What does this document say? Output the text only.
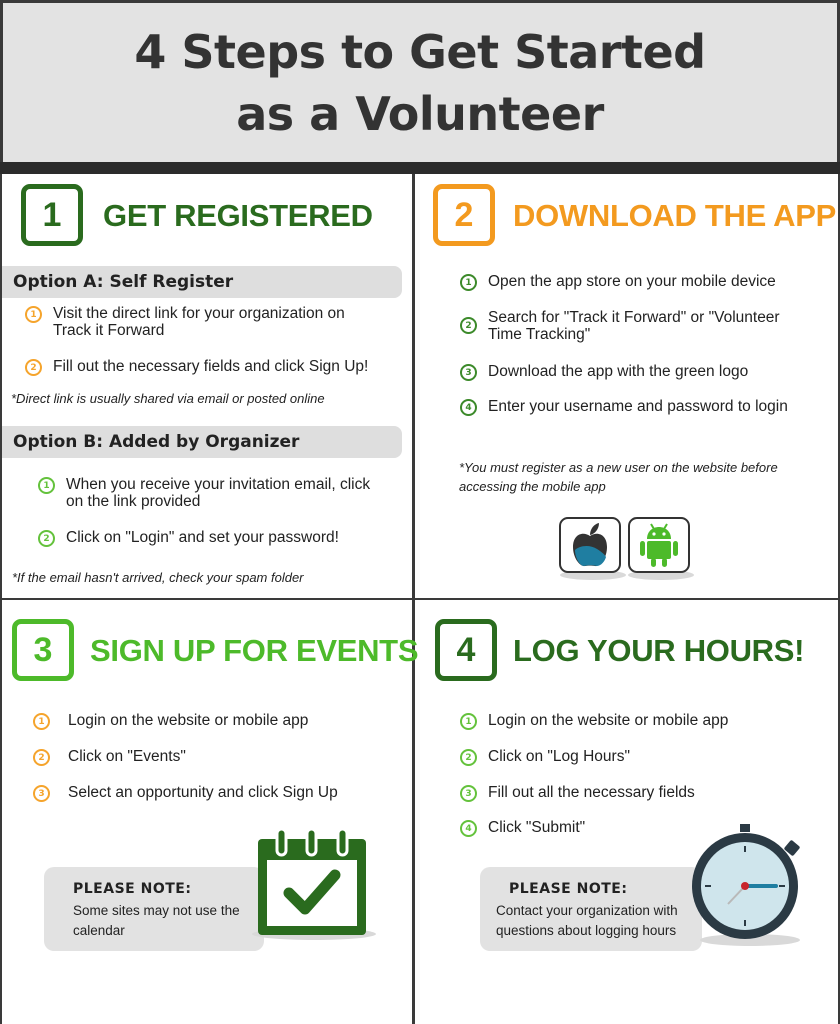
4 Steps to Get Started
as a Volunteer
1	GET REGISTERED
Option A: Self Register
1	Visit the direct link for your organization on Track it Forward
2	Fill out the necessary fields and click Sign Up!
*Direct link is usually shared via email or posted online
Option B: Added by Organizer
1	When you receive your invitation email, click on the link provided
2	Click on "Login" and set your password!
*If the email hasn't arrived, check your spam folder
2	DOWNLOAD THE APP
1	Open the app store on your mobile device
2	Search for "Track it Forward" or "Volunteer Time Tracking"
3	Download the app with the green logo
4	Enter your username and password to login
*You must register as a new user on the website before accessing the mobile app
3	SIGN UP FOR EVENTS
1	Login on the website or mobile app
2	Click on "Events"
3	Select an opportunity and click Sign Up
PLEASE NOTE:
Some sites may not use the calendar
4	LOG YOUR HOURS!
1	Login on the website or mobile app
2	Click on "Log Hours"
3	Fill out all the necessary fields
4	Click "Submit"
PLEASE NOTE:
Contact your organization with questions about logging hours
